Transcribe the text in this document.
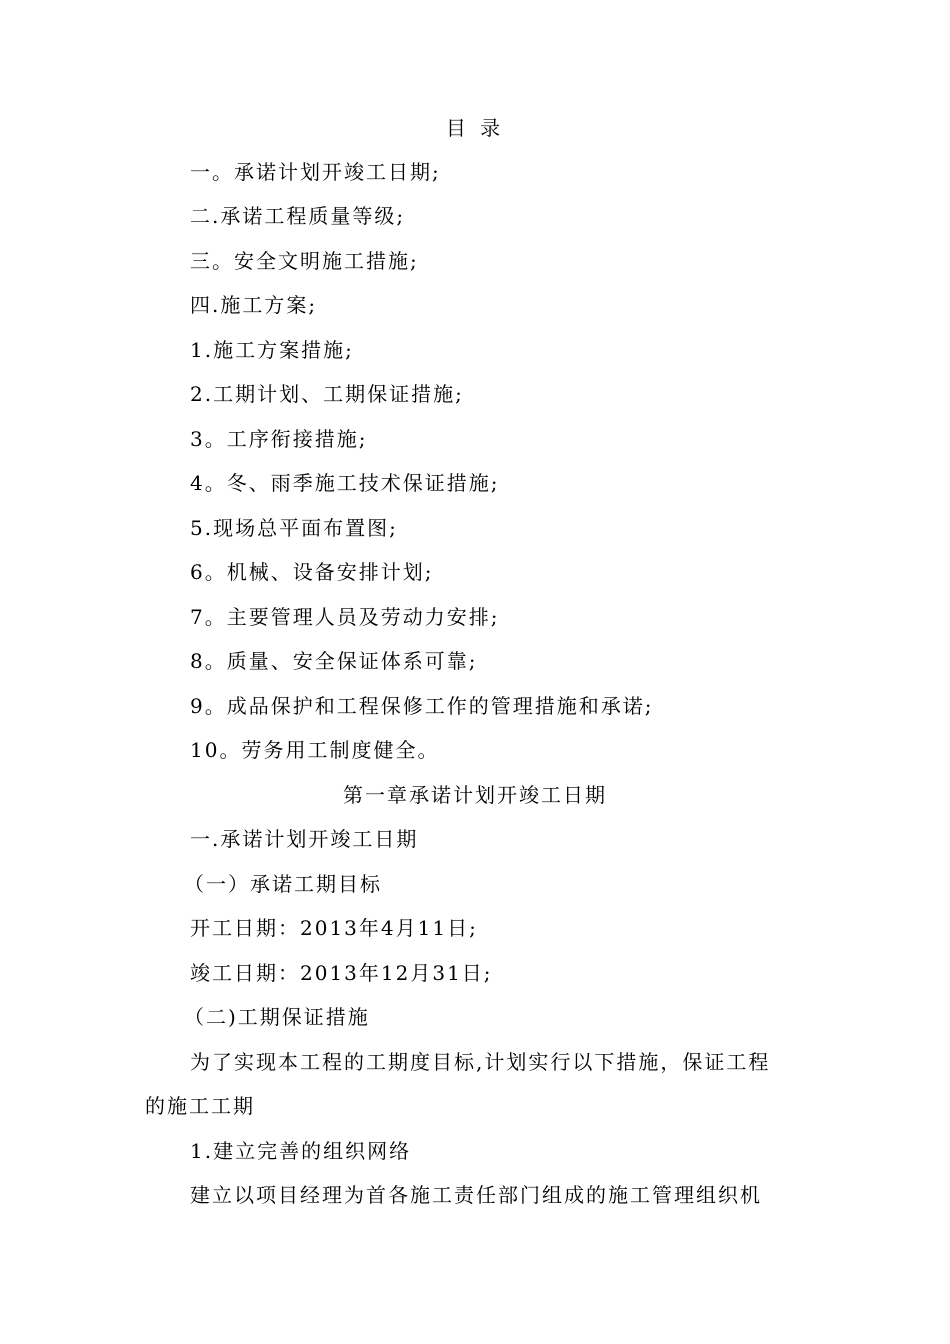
目 录
一。承诺计划开竣工日期;
二.承诺工程质量等级;
三。安全文明施工措施;
四.施工方案;
1.施工方案措施;
2.工期计划、工期保证措施;
3。工序衔接措施;
4。冬、雨季施工技术保证措施;
5.现场总平面布置图;
6。机械、设备安排计划;
7。主要管理人员及劳动力安排;
8。质量、安全保证体系可靠;
9。成品保护和工程保修工作的管理措施和承诺;
10。劳务用工制度健全。
第一章承诺计划开竣工日期
一.承诺计划开竣工日期
（一）承诺工期目标
开工日期：2013年4月11日;
竣工日期：2013年12月31日;
（二)工期保证措施
为了实现本工程的工期度目标,计划实行以下措施，保证工程
的施工工期
1.建立完善的组织网络
建立以项目经理为首各施工责任部门组成的施工管理组织机
